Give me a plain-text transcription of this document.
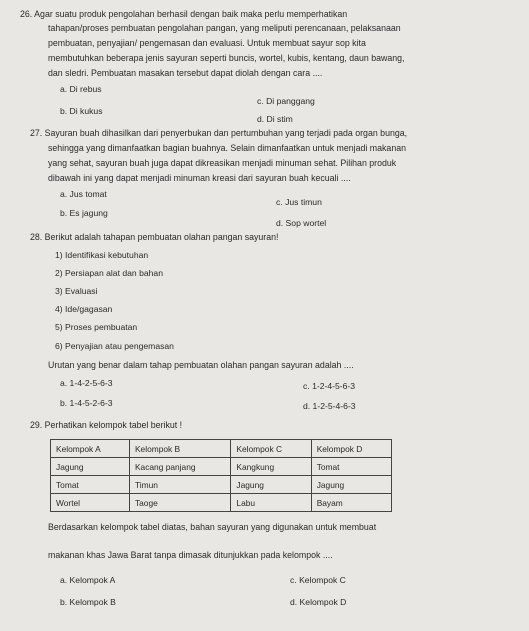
26. Agar suatu produk pengolahan berhasil dengan baik maka perlu memperhatikan
tahapan/proses pembuatan pengolahan pangan, yang meliputi perencanaan, pelaksanaan
pembuatan, penyajian/ pengemasan dan evaluasi. Untuk membuat sayur sop kita
membutuhkan beberapa jenis sayuran seperti buncis, wortel, kubis, kentang, daun bawang,
dan sledri. Pembuatan masakan tersebut dapat diolah dengan cara ....
a. Di rebus
c. Di panggang
b. Di kukus
d. Di stim
27. Sayuran buah dihasilkan dari penyerbukan dan pertumbuhan yang terjadi pada organ bunga,
sehingga yang dimanfaatkan bagian buahnya. Selain dimanfaatkan untuk menjadi makanan
yang sehat, sayuran buah juga dapat dikreasikan menjadi minuman sehat. Pilihan produk
dibawah ini yang dapat menjadi minuman kreasi dari sayuran buah kecuali ....
a. Jus tomat
c. Jus timun
b. Es jagung
d. Sop wortel
28. Berikut adalah tahapan pembuatan olahan pangan sayuran!
1) Identifikasi kebutuhan
2) Persiapan alat dan bahan
3) Evaluasi
4) Ide/gagasan
5) Proses pembuatan
6) Penyajian atau pengemasan
Urutan yang benar dalam tahap pembuatan olahan pangan sayuran adalah ....
a. 1-4-2-5-6-3	c. 1-2-4-5-6-3
b. 1-4-5-2-6-3	d. 1-2-5-4-6-3
29. Perhatikan kelompok tabel berikut !
Kelompok A	Kelompok B	Kelompok C	Kelompok D
Jagung	Kacang panjang	Kangkung	Tomat
Tomat	Timun	Jagung	Jagung
Wortel	Taoge	Labu	Bayam
Berdasarkan kelompok tabel diatas, bahan sayuran yang digunakan untuk membuat
makanan khas Jawa Barat tanpa dimasak ditunjukkan pada kelompok ....
a. Kelompok A	c. Kelompok C
b. Kelompok B	d. Kelompok D
